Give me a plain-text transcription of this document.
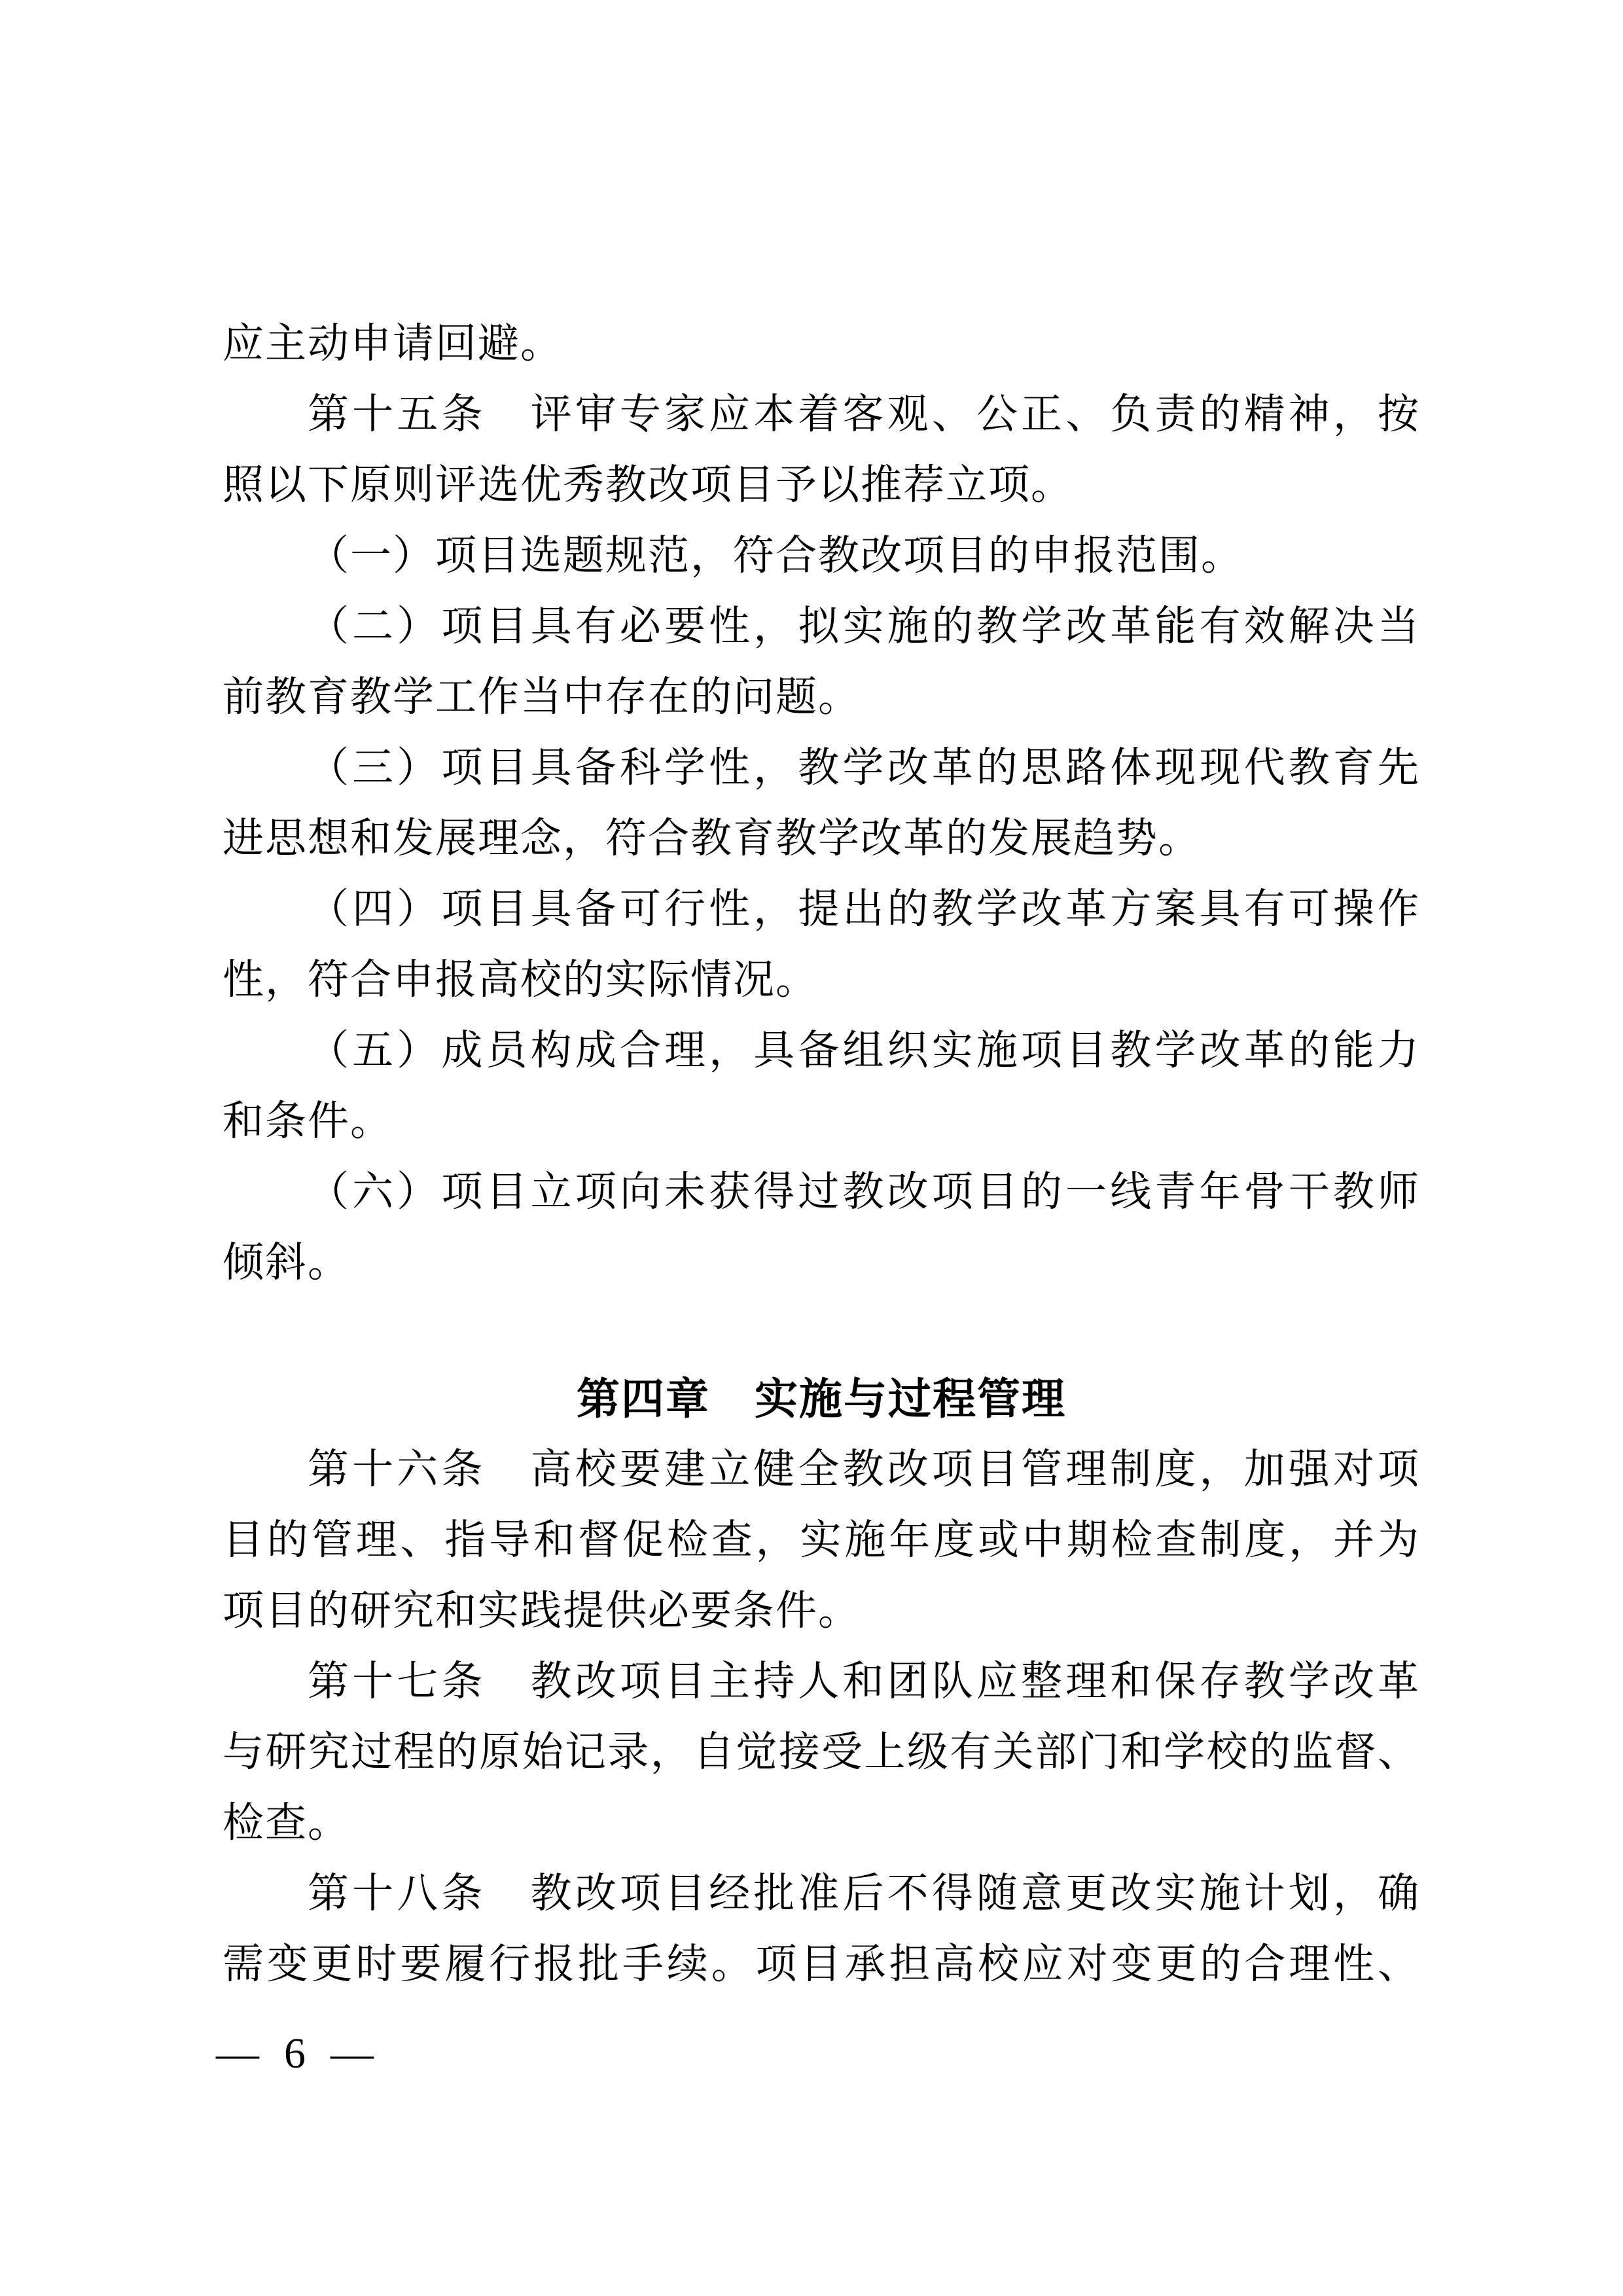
应主动申请回避。
第十五条　评审专家应本着客观、公正、负责的精神，按
照以下原则评选优秀教改项目予以推荐立项。
（一）项目选题规范，符合教改项目的申报范围。
（二）项目具有必要性，拟实施的教学改革能有效解决当
前教育教学工作当中存在的问题。
（三）项目具备科学性，教学改革的思路体现现代教育先
进思想和发展理念，符合教育教学改革的发展趋势。
（四）项目具备可行性，提出的教学改革方案具有可操作
性，符合申报高校的实际情况。
（五）成员构成合理，具备组织实施项目教学改革的能力
和条件。
（六）项目立项向未获得过教改项目的一线青年骨干教师
倾斜。
第四章　实施与过程管理
第十六条　高校要建立健全教改项目管理制度，加强对项
目的管理、指导和督促检查，实施年度或中期检查制度，并为
项目的研究和实践提供必要条件。
第十七条　教改项目主持人和团队应整理和保存教学改革
与研究过程的原始记录，自觉接受上级有关部门和学校的监督、
检查。
第十八条　教改项目经批准后不得随意更改实施计划，确
需变更时要履行报批手续。项目承担高校应对变更的合理性、
— 6 —
